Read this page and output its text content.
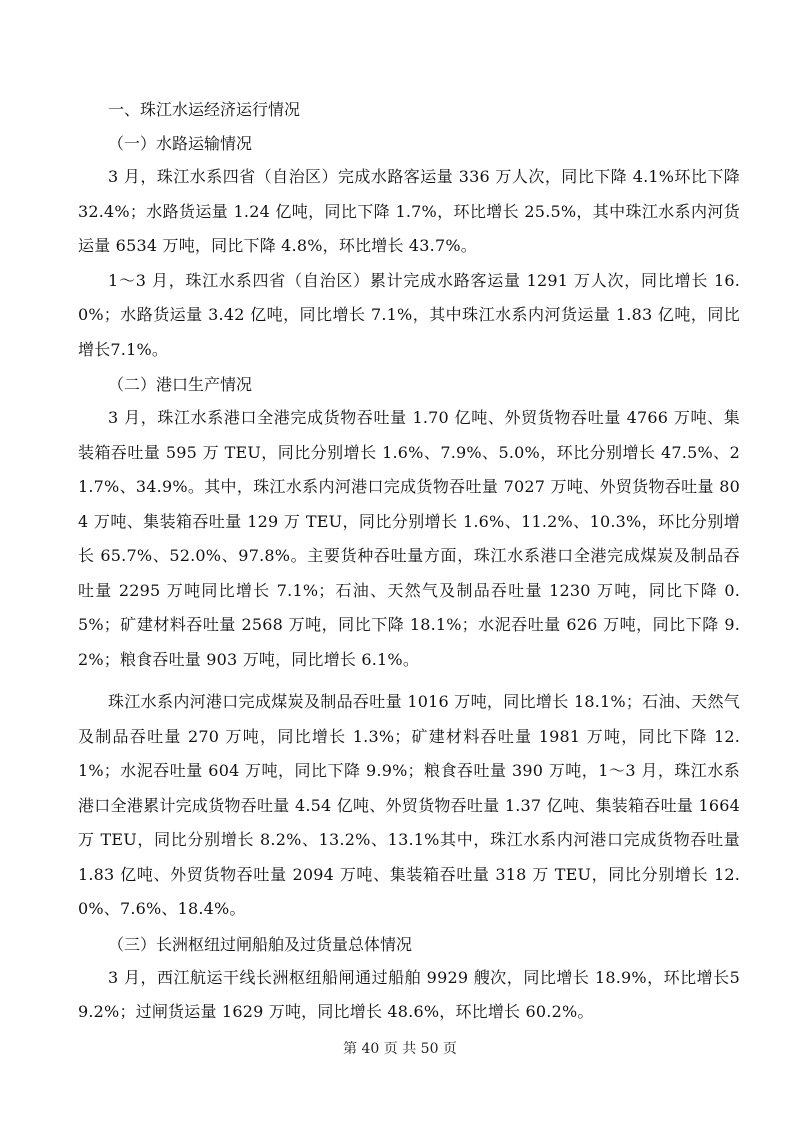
一、珠江水运经济运行情况
（一）水路运输情况

3 月，珠江水系四省（自治区）完成水路客运量 336 万人次，同比下降 4.1%环比下降32.4%；水路货运量 1.24 亿吨，同比下降 1.7%，环比增长 25.5%，其中珠江水系内河货运量 6534 万吨，同比下降 4.8%，环比增长 43.7%。

1～3 月，珠江水系四省（自治区）累计完成水路客运量 1291 万人次，同比增长 16.0%；水路货运量 3.42 亿吨，同比增长 7.1%，其中珠江水系内河货运量 1.83 亿吨，同比增长7.1%。

（二）港口生产情况

3 月，珠江水系港口全港完成货物吞吐量 1.70 亿吨、外贸货物吞吐量 4766 万吨、集装箱吞吐量 595 万 TEU，同比分别增长 1.6%、7.9%、5.0%，环比分别增长 47.5%、21.7%、34.9%。其中，珠江水系内河港口完成货物吞吐量 7027 万吨、外贸货物吞吐量 804 万吨、集装箱吞吐量 129 万 TEU，同比分别增长 1.6%、11.2%、10.3%，环比分别增长 65.7%、52.0%、97.8%。主要货种吞吐量方面，珠江水系港口全港完成煤炭及制品吞吐量 2295 万吨同比增长 7.1%；石油、天然气及制品吞吐量 1230 万吨，同比下降 0.5%；矿建材料吞吐量 2568 万吨，同比下降 18.1%；水泥吞吐量 626 万吨，同比下降 9.2%；粮食吞吐量 903 万吨，同比增长 6.1%。

珠江水系内河港口完成煤炭及制品吞吐量 1016 万吨，同比增长 18.1%；石油、天然气及制品吞吐量 270 万吨，同比增长 1.3%；矿建材料吞吐量 1981 万吨，同比下降 12.1%；水泥吞吐量 604 万吨，同比下降 9.9%；粮食吞吐量 390 万吨，1～3 月，珠江水系港口全港累计完成货物吞吐量 4.54 亿吨、外贸货物吞吐量 1.37 亿吨、集装箱吞吐量 1664 万 TEU，同比分别增长 8.2%、13.2%、13.1%其中，珠江水系内河港口完成货物吞吐量 1.83 亿吨、外贸货物吞吐量 2094 万吨、集装箱吞吐量 318 万 TEU，同比分别增长 12.0%、7.6%、18.4%。

（三）长洲枢纽过闸船舶及过货量总体情况

3 月，西江航运干线长洲枢纽船闸通过船舶 9929 艘次，同比增长 18.9%，环比增长59.2%；过闸货运量 1629 万吨，同比增长 48.6%，环比增长 60.2%。

第 40 页 共 50 页
